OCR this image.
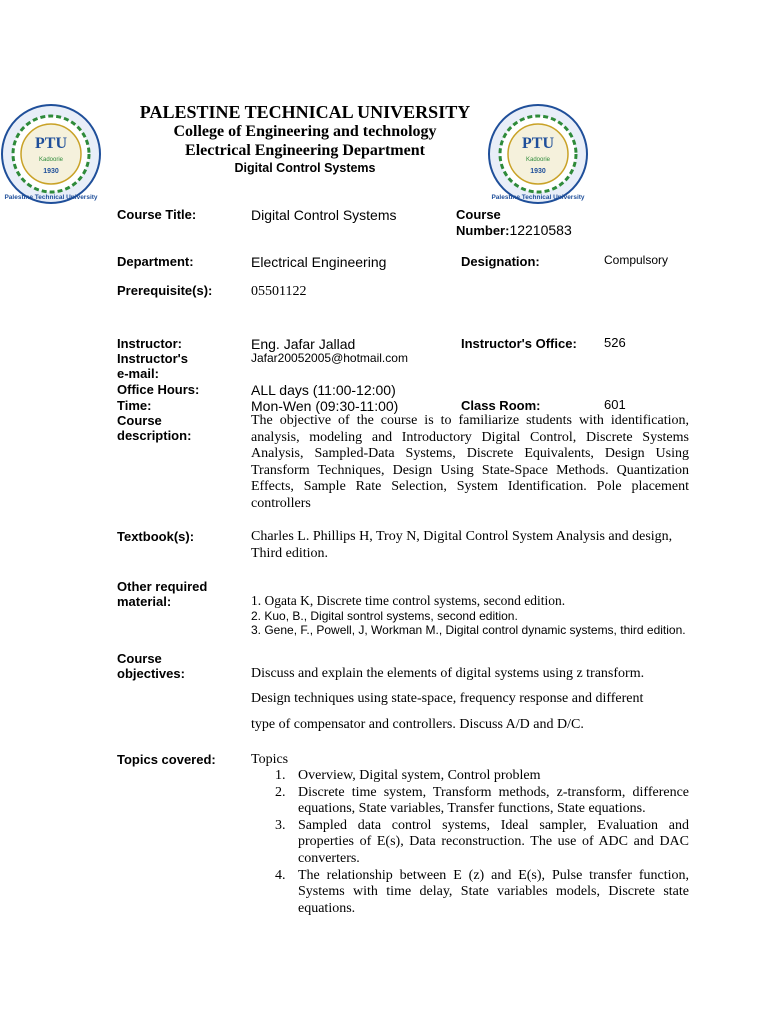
PTU
Kadoorie
1930
Palestine Technical University
PTU
Kadoorie
1930
Palestine Technical University
PALESTINE TECHNICAL UNIVERSITY
College of Engineering and technology
Electrical Engineering Department
Digital Control Systems
Course Title:	Digital Control Systems	Course
Number:12210583
Department:	Electrical Engineering	Designation:	Compulsory
Prerequisite(s):	05501122
Instructor:	Eng. Jafar Jallad	Instructor's Office: 526
Instructor's
e-mail:
Jafar20052005@hotmail.com
Office Hours:	ALL days (11:00-12:00)
Time:	Mon-Wen (09:30-11:00)	Class Room:	601
Course
description:
The objective of the course is to familiarize students with identification, analysis, modeling and Introductory Digital Control, Discrete Systems Analysis, Sampled-Data Systems, Discrete Equivalents, Design Using Transform Techniques, Design Using State-Space Methods. Quantization Effects, Sample Rate Selection, System Identification. Pole placement controllers
Textbook(s):	Charles L. Phillips H, Troy N, Digital Control System Analysis and design, Third edition.
Other required
material:	1. Ogata K, Discrete time control systems, second edition.
2. Kuo, B., Digital sontrol systems, second edition.
3. Gene, F., Powell, J, Workman M., Digital control dynamic systems, third edition.
Course
objectives:	Discuss and explain the elements of digital systems using z transform.
Design techniques using state-space, frequency response and different
type of compensator and controllers. Discuss A/D and D/C.
Topics covered:	Topics
1. Overview, Digital system, Control problem
2. Discrete time system, Transform methods, z-transform, difference equations, State variables, Transfer functions, State equations.
3. Sampled data control systems, Ideal sampler, Evaluation and properties of E(s), Data reconstruction. The use of ADC and DAC converters.
4. The relationship between E (z) and E(s), Pulse transfer function, Systems with time delay, State variables models, Discrete state equations.
